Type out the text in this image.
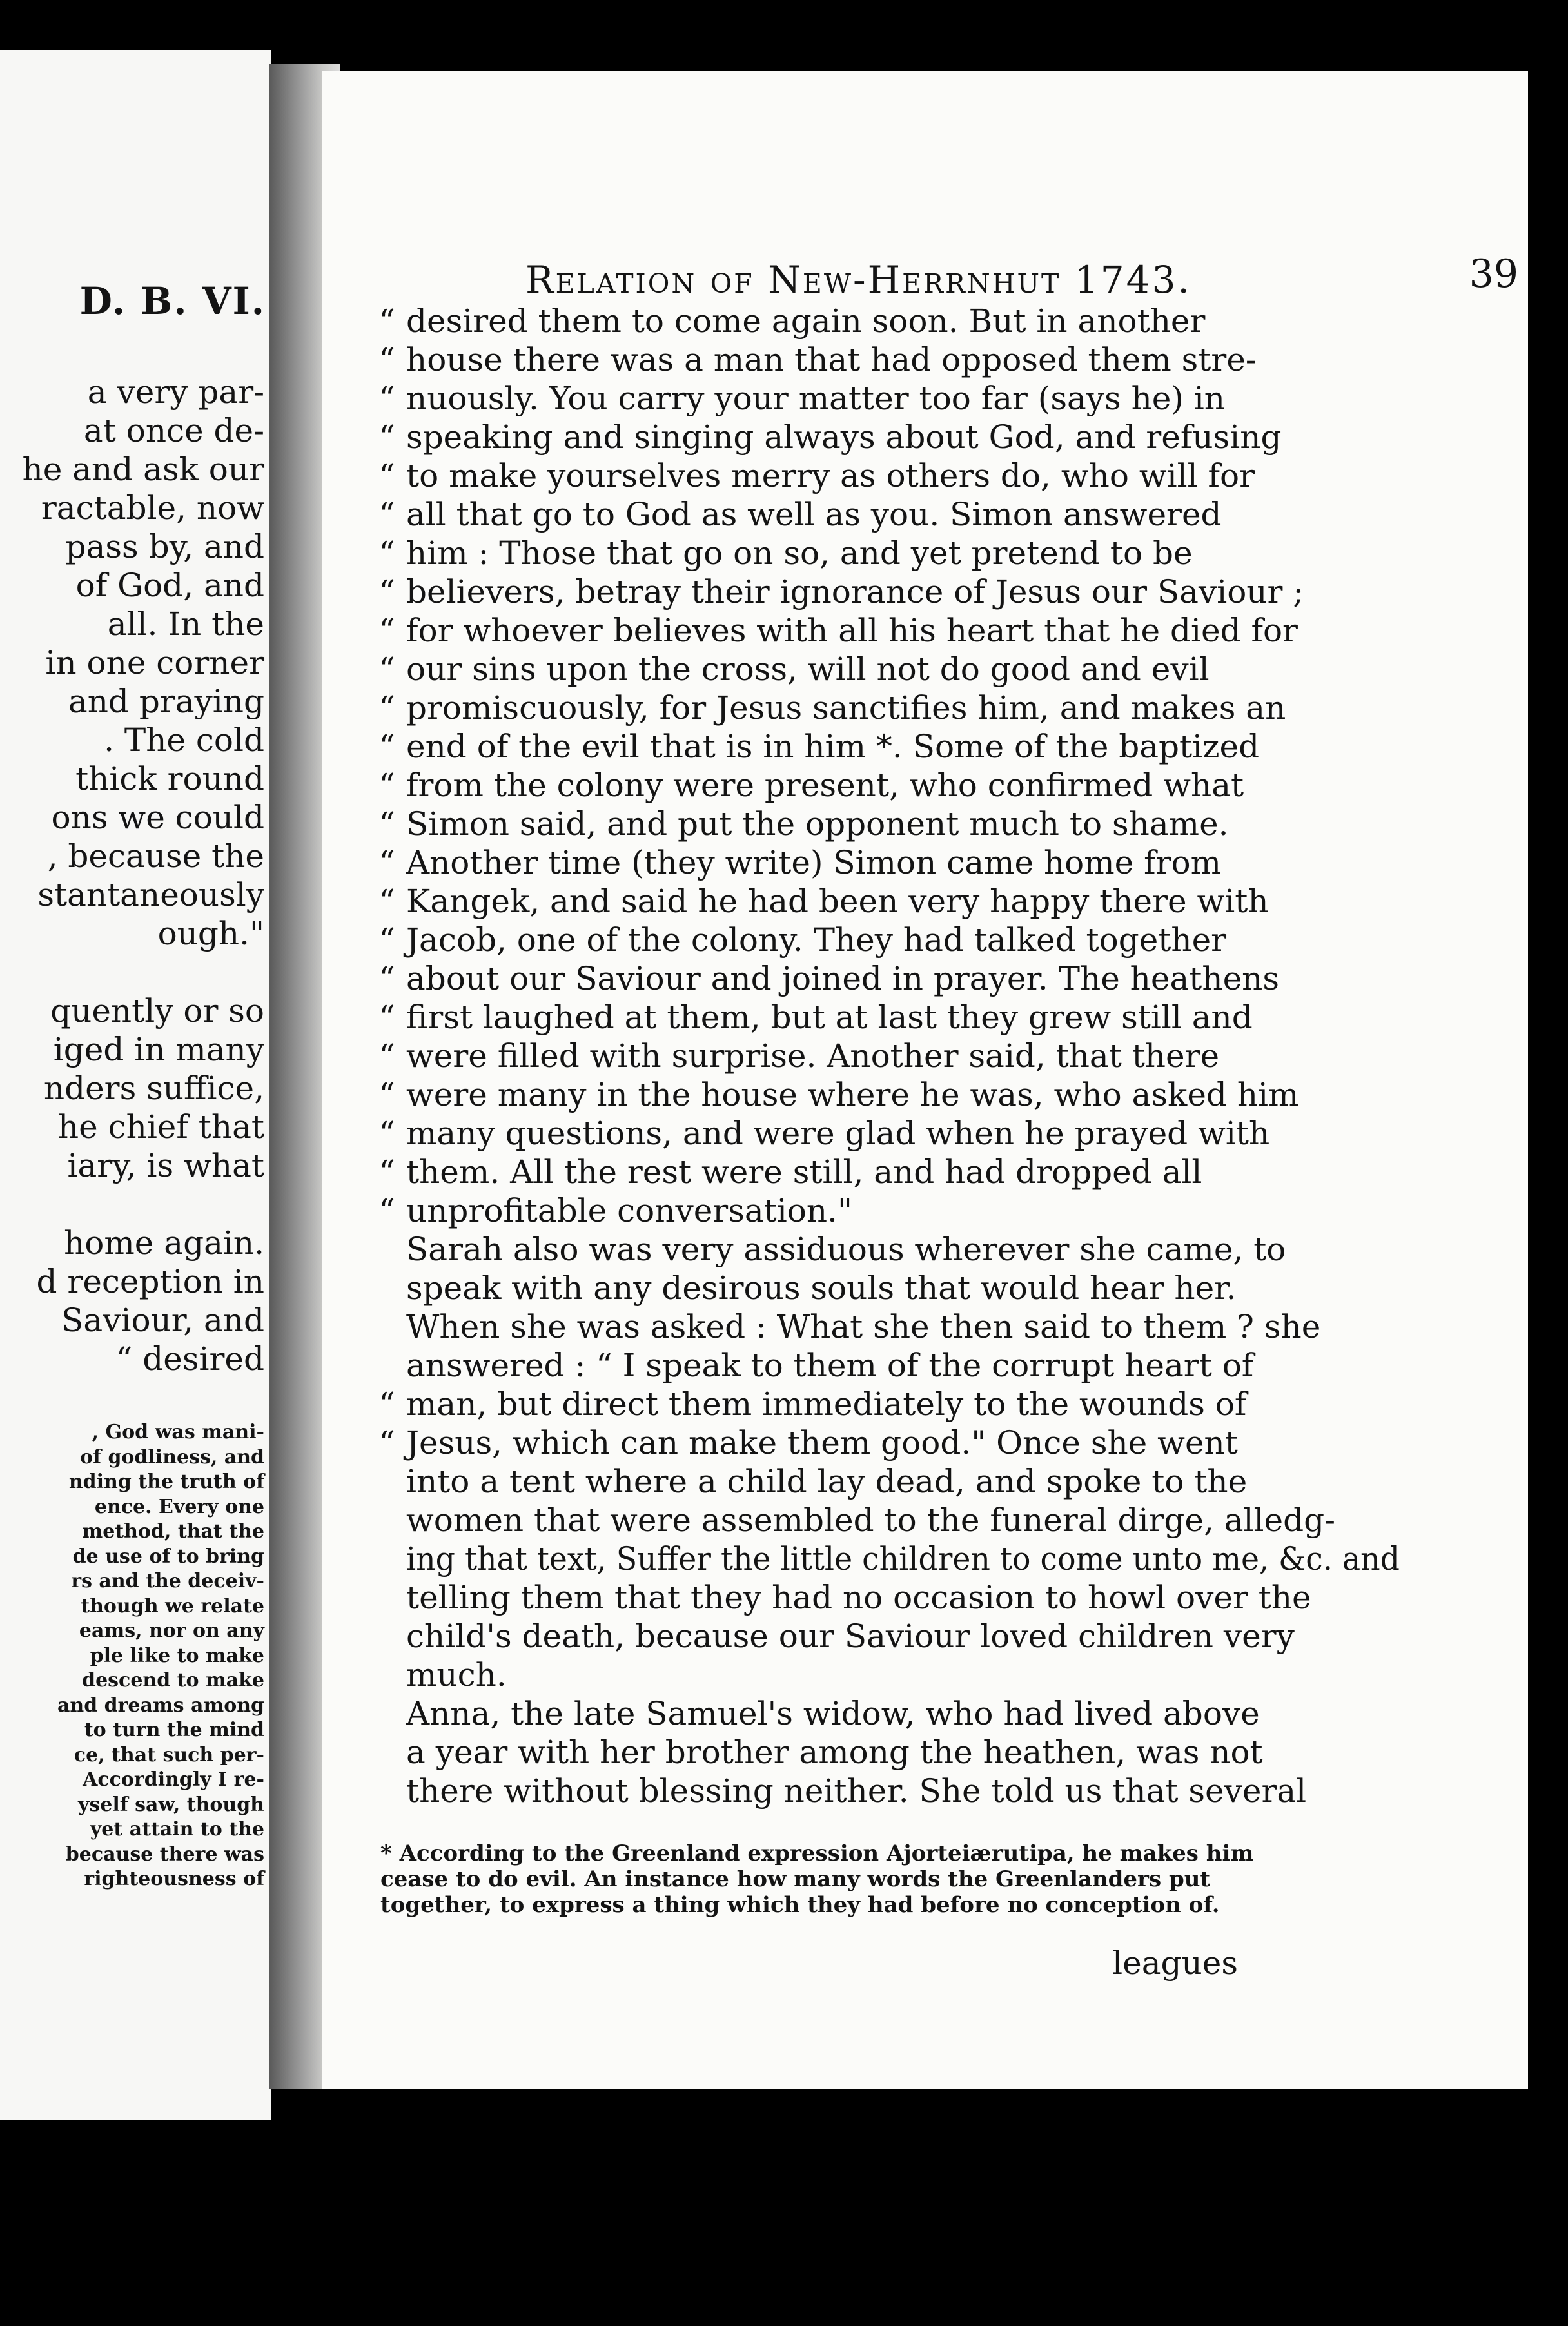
D. B. VI.
a very par-
at once de-
he and ask our
ractable, now
pass by, and
of God, and
all. In the
in one corner
and praying
. The cold
thick round
ons we could
, because the
stantaneously
ough."
quently or so
iged in many
nders suffice,
he chief that
iary, is what
home again.
d reception in
Saviour, and
“ desired
, God was mani-
of godliness, and
nding the truth of
ence. Every one
method, that the
de use of to bring
rs and the deceiv-
though we relate
eams, nor on any
ple like to make
descend to make
and dreams among
to turn the mind
ce, that such per-
Accordingly I re-
yself saw, though
yet attain to the
because there was
righteousness of
Relation of New-Herrnhut 1743.	39
“ desired them to come again soon. But in another
“ house there was a man that had opposed them stre-
“ nuously. You carry your matter too far (says he) in
“ speaking and singing always about God, and refusing
“ to make yourselves merry as others do, who will for
“ all that go to God as well as you. Simon answered
“ him : Those that go on so, and yet pretend to be
“ believers, betray their ignorance of Jesus our Saviour ;
“ for whoever believes with all his heart that he died for
“ our sins upon the cross, will not do good and evil
“ promiscuously, for Jesus sanctifies him, and makes an
“ end of the evil that is in him *. Some of the baptized
“ from the colony were present, who confirmed what
“ Simon said, and put the opponent much to shame.
“ Another time (they write) Simon came home from
“ Kangek, and said he had been very happy there with
“ Jacob, one of the colony. They had talked together
“ about our Saviour and joined in prayer. The heathens
“ first laughed at them, but at last they grew still and
“ were filled with surprise. Another said, that there
“ were many in the house where he was, who asked him
“ many questions, and were glad when he prayed with
“ them. All the rest were still, and had dropped all
“ unprofitable conversation."
Sarah also was very assiduous wherever she came, to
speak with any desirous souls that would hear her.
When she was asked : What she then said to them ? she
answered : “ I speak to them of the corrupt heart of
“ man, but direct them immediately to the wounds of
“ Jesus, which can make them good." Once she went
into a tent where a child lay dead, and spoke to the
women that were assembled to the funeral dirge, alledg-
ing that text, Suffer the little children to come unto me, &c. and
telling them that they had no occasion to howl over the
child's death, because our Saviour loved children very
much.
Anna, the late Samuel's widow, who had lived above
a year with her brother among the heathen, was not
there without blessing neither. She told us that several
* According to the Greenland expression Ajorteiærutipa, he makes him
cease to do evil. An instance how many words the Greenlanders put
together, to express a thing which they had before no conception of.
leagues
